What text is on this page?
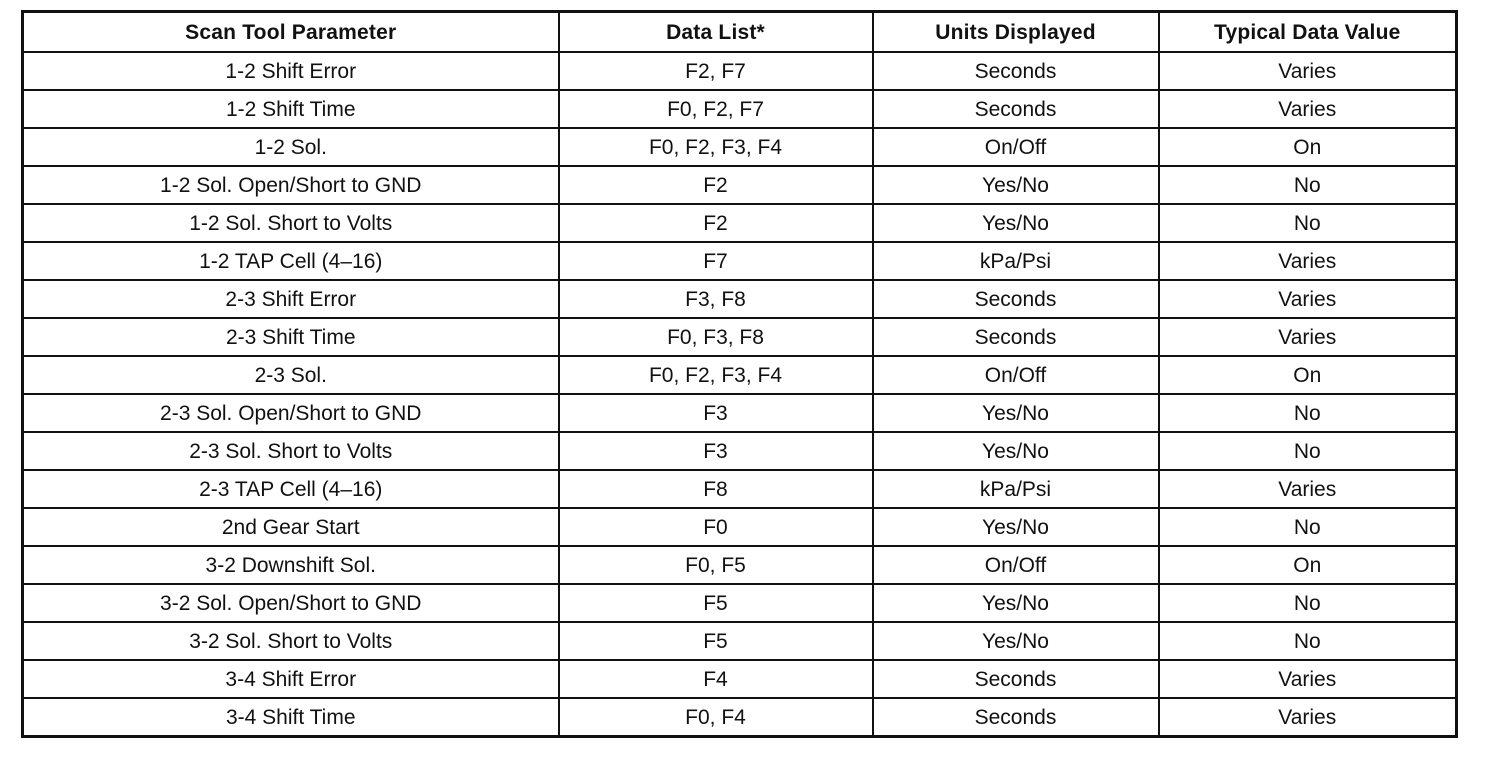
Scan Tool Parameter	Data List*	Units Displayed	Typical Data Value
1-2 Shift Error	F2, F7	Seconds	Varies
1-2 Shift Time	F0, F2, F7	Seconds	Varies
1-2 Sol.	F0, F2, F3, F4	On/Off	On
1-2 Sol. Open/Short to GND	F2	Yes/No	No
1-2 Sol. Short to Volts	F2	Yes/No	No
1-2 TAP Cell (4–16)	F7	kPa/Psi	Varies
2-3 Shift Error	F3, F8	Seconds	Varies
2-3 Shift Time	F0, F3, F8	Seconds	Varies
2-3 Sol.	F0, F2, F3, F4	On/Off	On
2-3 Sol. Open/Short to GND	F3	Yes/No	No
2-3 Sol. Short to Volts	F3	Yes/No	No
2-3 TAP Cell (4–16)	F8	kPa/Psi	Varies
2nd Gear Start	F0	Yes/No	No
3-2 Downshift Sol.	F0, F5	On/Off	On
3-2 Sol. Open/Short to GND	F5	Yes/No	No
3-2 Sol. Short to Volts	F5	Yes/No	No
3-4 Shift Error	F4	Seconds	Varies
3-4 Shift Time	F0, F4	Seconds	Varies
